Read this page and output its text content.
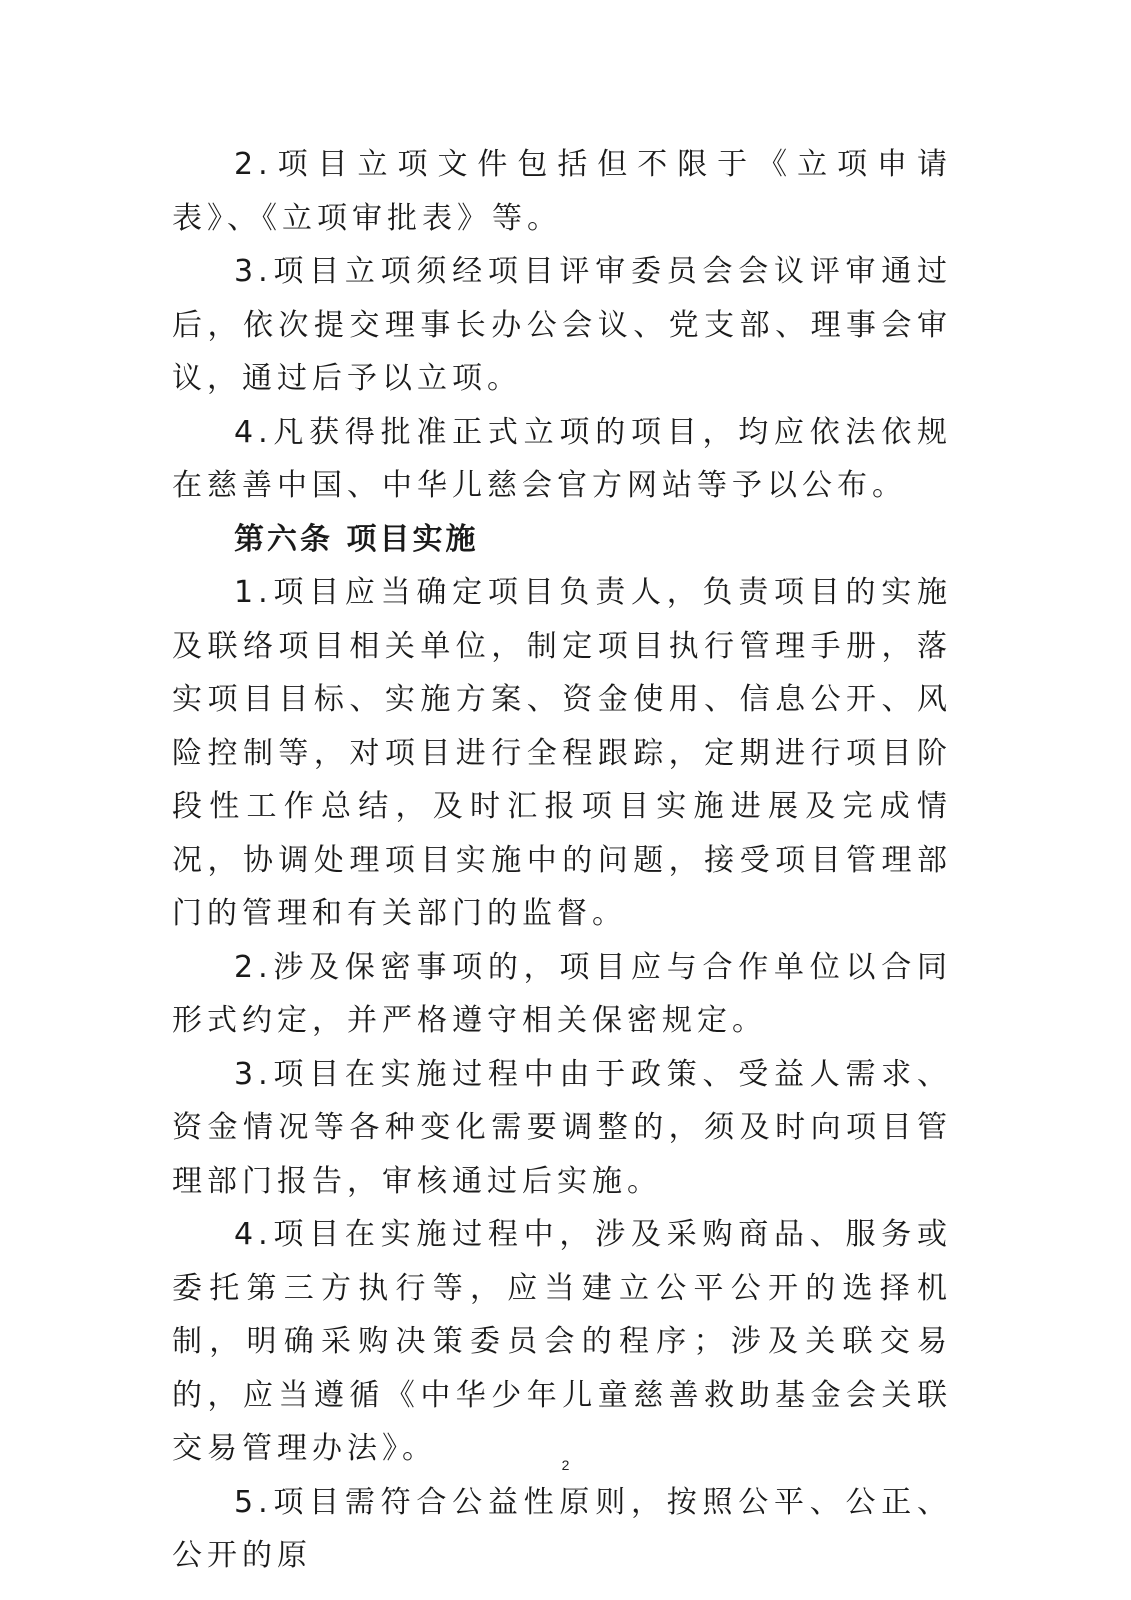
2.项目立项文件包括但不限于《立项申请表》、《立项审批表》等。

3.项目立项须经项目评审委员会会议评审通过后，依次提交理事长办公会议、党支部、理事会审议，通过后予以立项。

4.凡获得批准正式立项的项目，均应依法依规在慈善中国、中华儿慈会官方网站等予以公布。

第六条 项目实施

1.项目应当确定项目负责人，负责项目的实施及联络项目相关单位，制定项目执行管理手册，落实项目目标、实施方案、资金使用、信息公开、风险控制等，对项目进行全程跟踪，定期进行项目阶段性工作总结，及时汇报项目实施进展及完成情况，协调处理项目实施中的问题，接受项目管理部门的管理和有关部门的监督。

2.涉及保密事项的，项目应与合作单位以合同形式约定，并严格遵守相关保密规定。

3.项目在实施过程中由于政策、受益人需求、资金情况等各种变化需要调整的，须及时向项目管理部门报告，审核通过后实施。

4.项目在实施过程中，涉及采购商品、服务或委托第三方执行等，应当建立公平公开的选择机制，明确采购决策委员会的程序；涉及关联交易的，应当遵循《中华少年儿童慈善救助基金会关联交易管理办法》。

5.项目需符合公益性原则，按照公平、公正、公开的原

2
